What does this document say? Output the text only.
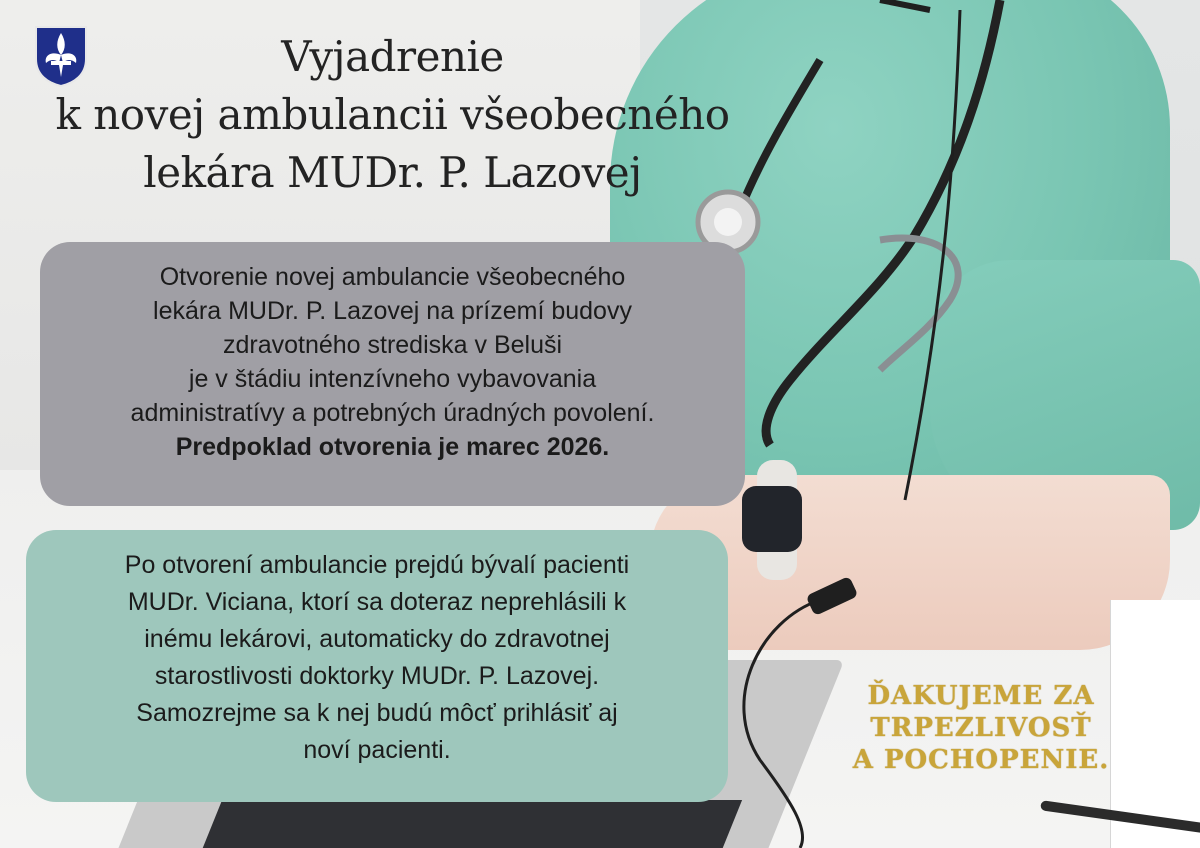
Vyjadrenie
k novej ambulancii všeobecného
lekára MUDr. P. Lazovej
Otvorenie novej ambulancie všeobecného
lekára MUDr. P. Lazovej na prízemí budovy
zdravotného strediska v Beluši
je v štádiu intenzívneho vybavovania
administratívy a potrebných úradných povolení.
Predpoklad otvorenia je marec 2026.
Po otvorení ambulancie prejdú bývalí pacienti
MUDr. Viciana, ktorí sa doteraz neprehlásili k
inému lekárovi, automaticky do zdravotnej
starostlivosti doktorky MUDr. P. Lazovej.
Samozrejme sa k nej budú môcť prihlásiť aj
noví pacienti.
ĎAKUJEME ZA
TRPEZLIVOSŤ
A POCHOPENIE.
